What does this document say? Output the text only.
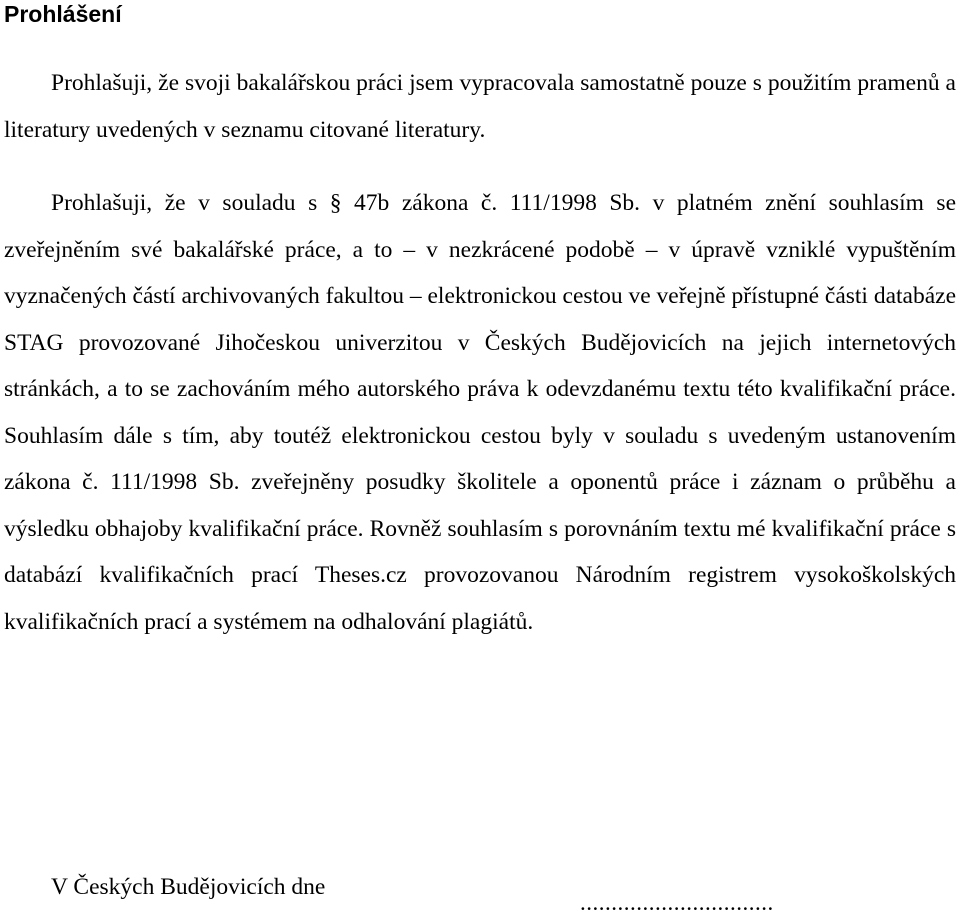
Prohlášení

Prohlašuji, že svoji bakalářskou práci jsem vypracovala samostatně pouze s použitím pramenů a literatury uvedených v seznamu citované literatury.

Prohlašuji, že v souladu s § 47b zákona č. 111/1998 Sb. v platném znění souhlasím se zveřejněním své bakalářské práce, a to – v nezkrácené podobě – v úpravě vzniklé vypuštěním vyznačených částí archivovaných fakultou – elektronickou cestou ve veřejně přístupné části databáze STAG provozované Jihočeskou univerzitou v Českých Budějovicích na jejich internetových stránkách, a to se zachováním mého autorského práva k odevzdanému textu této kvalifikační práce. Souhlasím dále s tím, aby toutéž elektronickou cestou byly v souladu s uvedeným ustanovením zákona č. 111/1998 Sb. zveřejněny posudky školitele a oponentů práce i záznam o průběhu a výsledku obhajoby kvalifikační práce. Rovněž souhlasím s porovnáním textu mé kvalifikační práce s databází kvalifikačních prací Theses.cz provozovanou Národním registrem vysokoškolských kvalifikačních prací a systémem na odhalování plagiátů.

V Českých Budějovicích dne
...............................
